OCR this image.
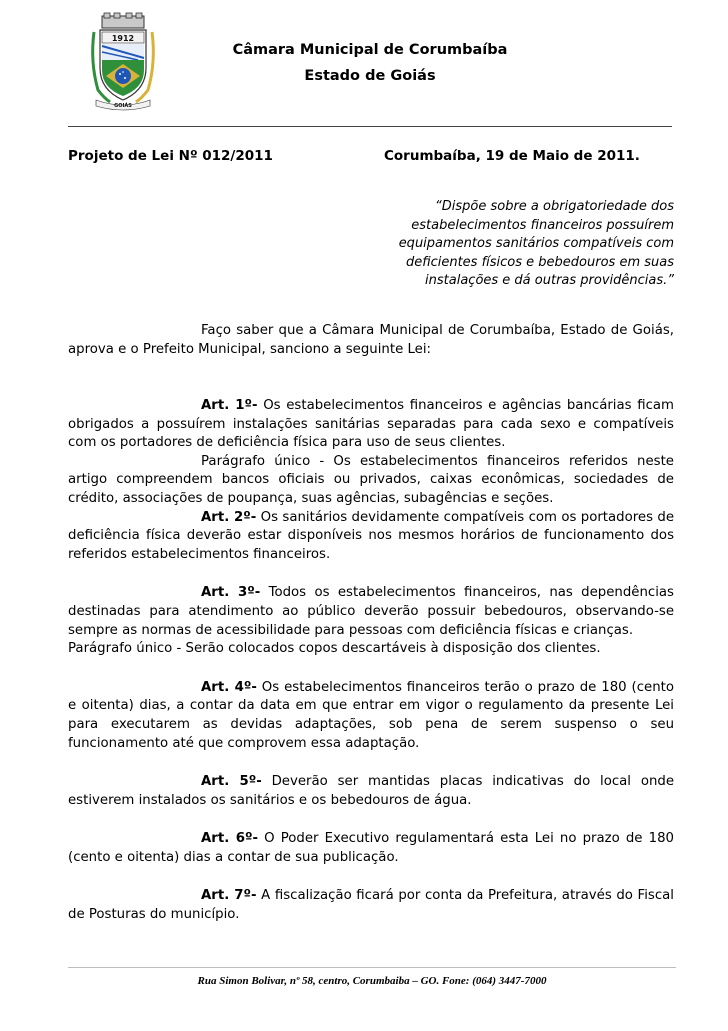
1912
GOIÁS
Câmara Municipal de Corumbaíba
Estado de Goiás
Projeto de Lei Nº 012/2011	Corumbaíba, 19 de Maio de 2011.
“Dispõe sobre a obrigatoriedade dos estabelecimentos financeiros possuírem equipamentos sanitários compatíveis com deficientes físicos e bebedouros em suas instalações e dá outras providências.”

Faço saber que a Câmara Municipal de Corumbaíba, Estado de Goiás, aprova e o Prefeito Municipal, sanciono a seguinte Lei:

Art. 1º- Os estabelecimentos financeiros e agências bancárias ficam obrigados a possuírem instalações sanitárias separadas para cada sexo e compatíveis com os portadores de deficiência física para uso de seus clientes.

Parágrafo único - Os estabelecimentos financeiros referidos neste artigo compreendem bancos oficiais ou privados, caixas econômicas, sociedades de crédito, associações de poupança, suas agências, subagências e seções.

Art. 2º- Os sanitários devidamente compatíveis com os portadores de deficiência física deverão estar disponíveis nos mesmos horários de funcionamento dos referidos estabelecimentos financeiros.

Art. 3º- Todos os estabelecimentos financeiros, nas dependências destinadas para atendimento ao público deverão possuir bebedouros, observando-se sempre as normas de acessibilidade para pessoas com deficiência físicas e crianças.

Parágrafo único - Serão colocados copos descartáveis à disposição dos clientes.

Art. 4º- Os estabelecimentos financeiros terão o prazo de 180 (cento e oitenta) dias, a contar da data em que entrar em vigor o regulamento da presente Lei para executarem as devidas adaptações, sob pena de serem suspenso o seu funcionamento até que comprovem essa adaptação.

Art. 5º- Deverão ser mantidas placas indicativas do local onde estiverem instalados os sanitários e os bebedouros de água.

Art. 6º- O Poder Executivo regulamentará esta Lei no prazo de 180 (cento e oitenta) dias a contar de sua publicação.

Art. 7º- A fiscalização ficará por conta da Prefeitura, através do Fiscal de Posturas do município.

Rua Simon Bolivar, nº 58, centro, Corumbaiba – GO. Fone: (064) 3447-7000
